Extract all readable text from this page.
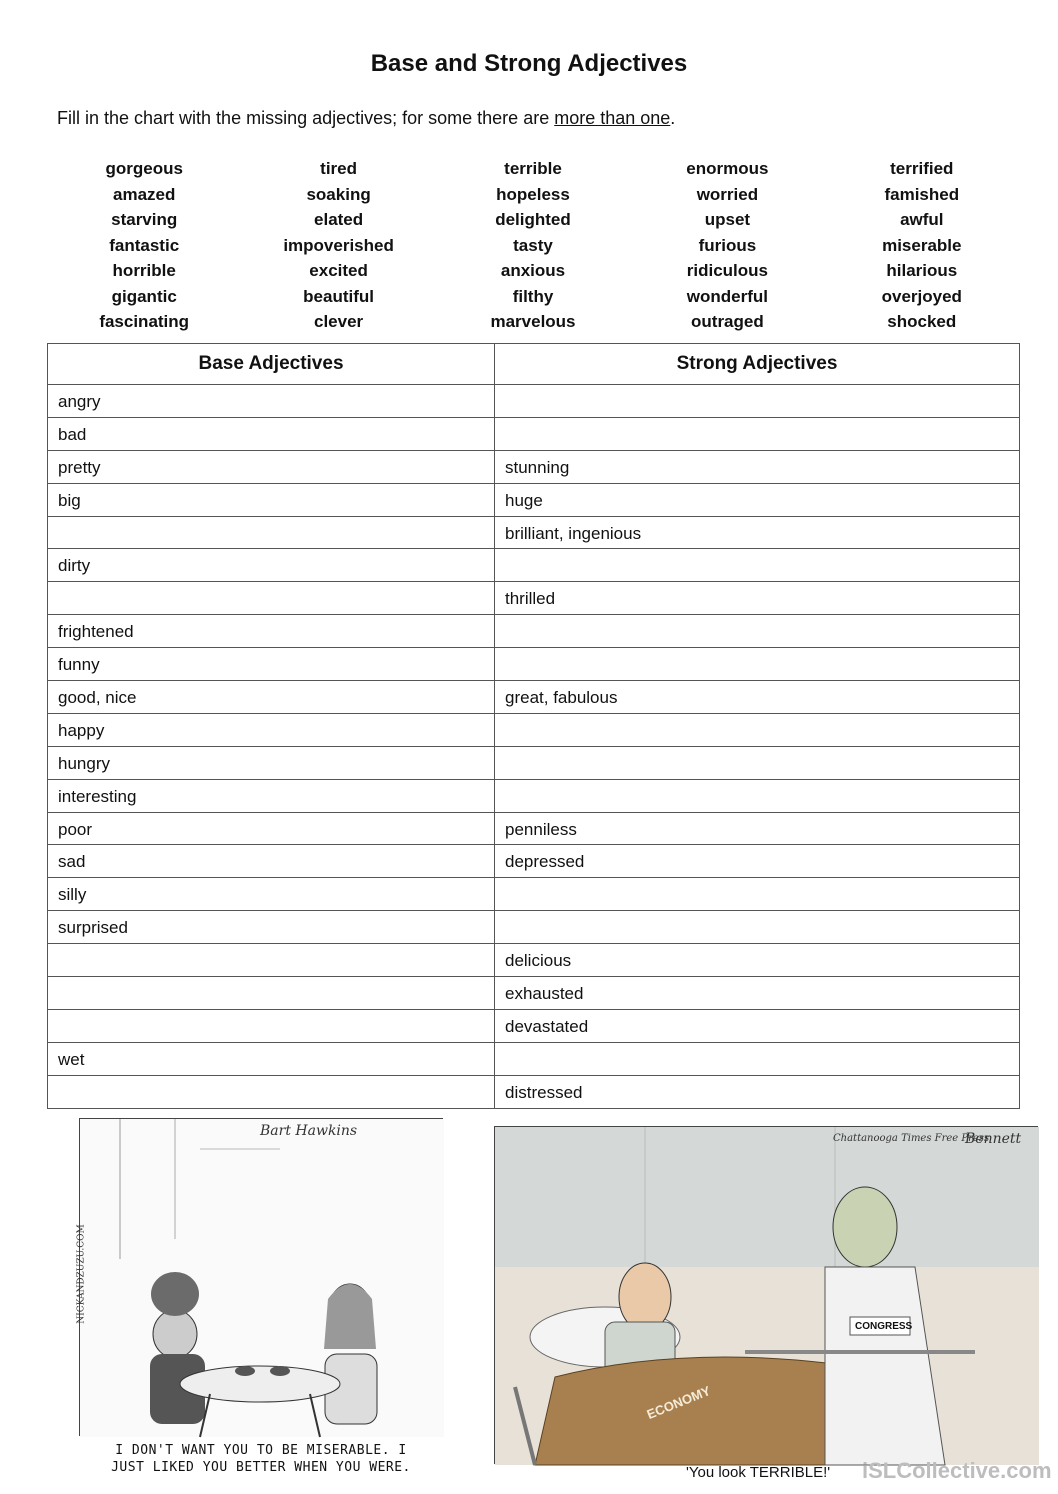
Base and Strong Adjectives
Fill in the chart with the missing adjectives; for some there are more than one.
gorgeous
amazed
starving
fantastic
horrible
gigantic
fascinating
tired
soaking
elated
impoverished
excited
beautiful
clever
terrible
hopeless
delighted
tasty
anxious
filthy
marvelous
enormous
worried
upset
furious
ridiculous
wonderful
outraged
terrified
famished
awful
miserable
hilarious
overjoyed
shocked
Base Adjectives	Strong Adjectives
angry	
bad	
pretty	stunning
big	huge
	brilliant, ingenious
dirty	
	thrilled
frightened	
funny	
good, nice	great, fabulous
happy	
hungry	
interesting	
poor	penniless
sad	depressed
silly	
surprised	
	delicious
	exhausted
	devastated
wet	
	distressed
Bart Hawkins
NICKANDZUZU.COM
I DON'T WANT YOU TO BE MISERABLE. I
JUST LIKED YOU BETTER WHEN YOU WERE.
Chattanooga Times Free Press
Bennett
ECONOMY
CONGRESS
'You look TERRIBLE!' iSLCollective.com
